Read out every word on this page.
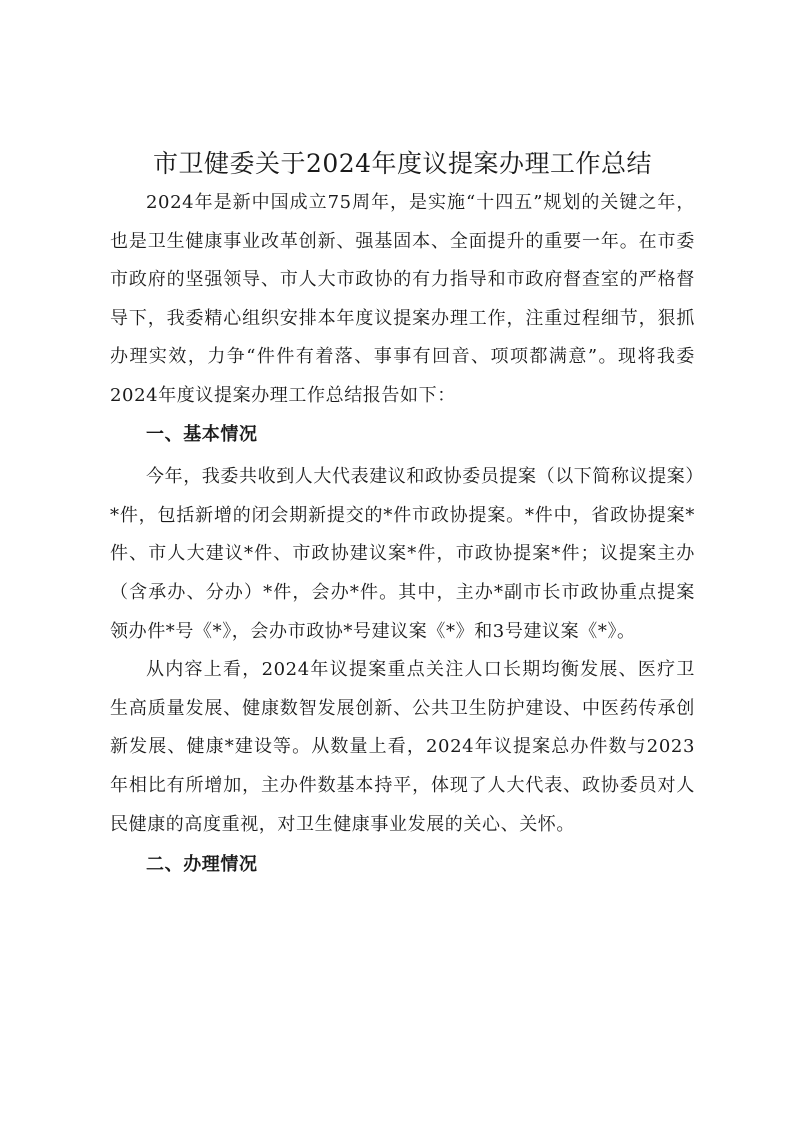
市卫健委关于2024年度议提案办理工作总结

2024年是新中国成立75周年，是实施“十四五”规划的关键之年，也是卫生健康事业改革创新、强基固本、全面提升的重要一年。在市委市政府的坚强领导、市人大市政协的有力指导和市政府督查室的严格督导下，我委精心组织安排本年度议提案办理工作，注重过程细节，狠抓办理实效，力争“件件有着落、事事有回音、项项都满意”。现将我委2024年度议提案办理工作总结报告如下：

一、基本情况

今年，我委共收到人大代表建议和政协委员提案（以下简称议提案）*件，包括新增的闭会期新提交的*件市政协提案。*件中，省政协提案*件、市人大建议*件、市政协建议案*件，市政协提案*件；议提案主办（含承办、分办）*件，会办*件。其中，主办*副市长市政协重点提案领办件*号《*》，会办市政协*号建议案《*》和3号建议案《*》。

从内容上看，2024年议提案重点关注人口长期均衡发展、医疗卫生高质量发展、健康数智发展创新、公共卫生防护建设、中医药传承创新发展、健康*建设等。从数量上看，2024年议提案总办件数与2023年相比有所增加，主办件数基本持平，体现了人大代表、政协委员对人民健康的高度重视，对卫生健康事业发展的关心、关怀。

二、办理情况
